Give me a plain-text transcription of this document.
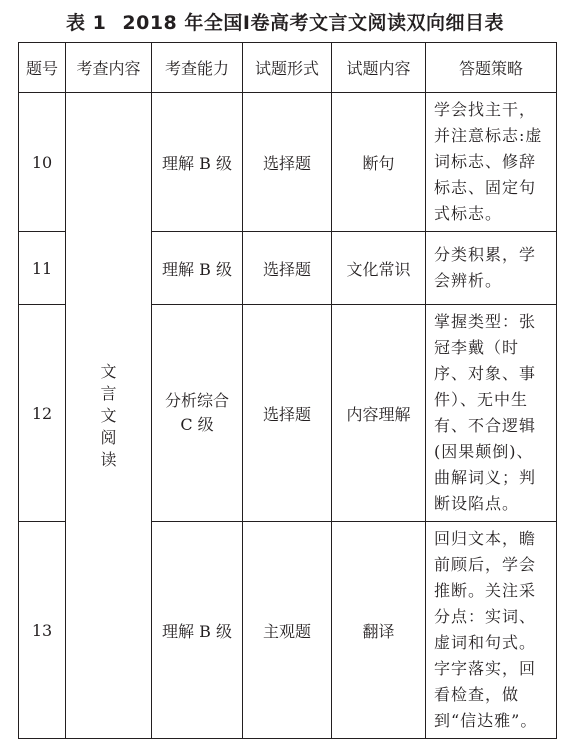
表 1 2018 年全国Ⅰ卷高考文言文阅读双向细目表
题号	考查内容	考查能力	试题形式	试题内容	答题策略
10	文言文阅读	理解 B 级	选择题	断句	学会找主干，并注意标志:虚词标志、修辞标志、固定句式标志。
11		理解 B 级	选择题	文化常识	分类积累，学会辨析。
12		分析综合 C 级	选择题	内容理解	掌握类型：张冠李戴（时序、对象、事件）、无中生有、不合逻辑(因果颠倒)、曲解词义；判断设陷点。
13		理解 B 级	主观题	翻译	回归文本，瞻前顾后，学会推断。关注采分点：实词、虚词和句式。字字落实，回看检查，做到“信达雅”。
